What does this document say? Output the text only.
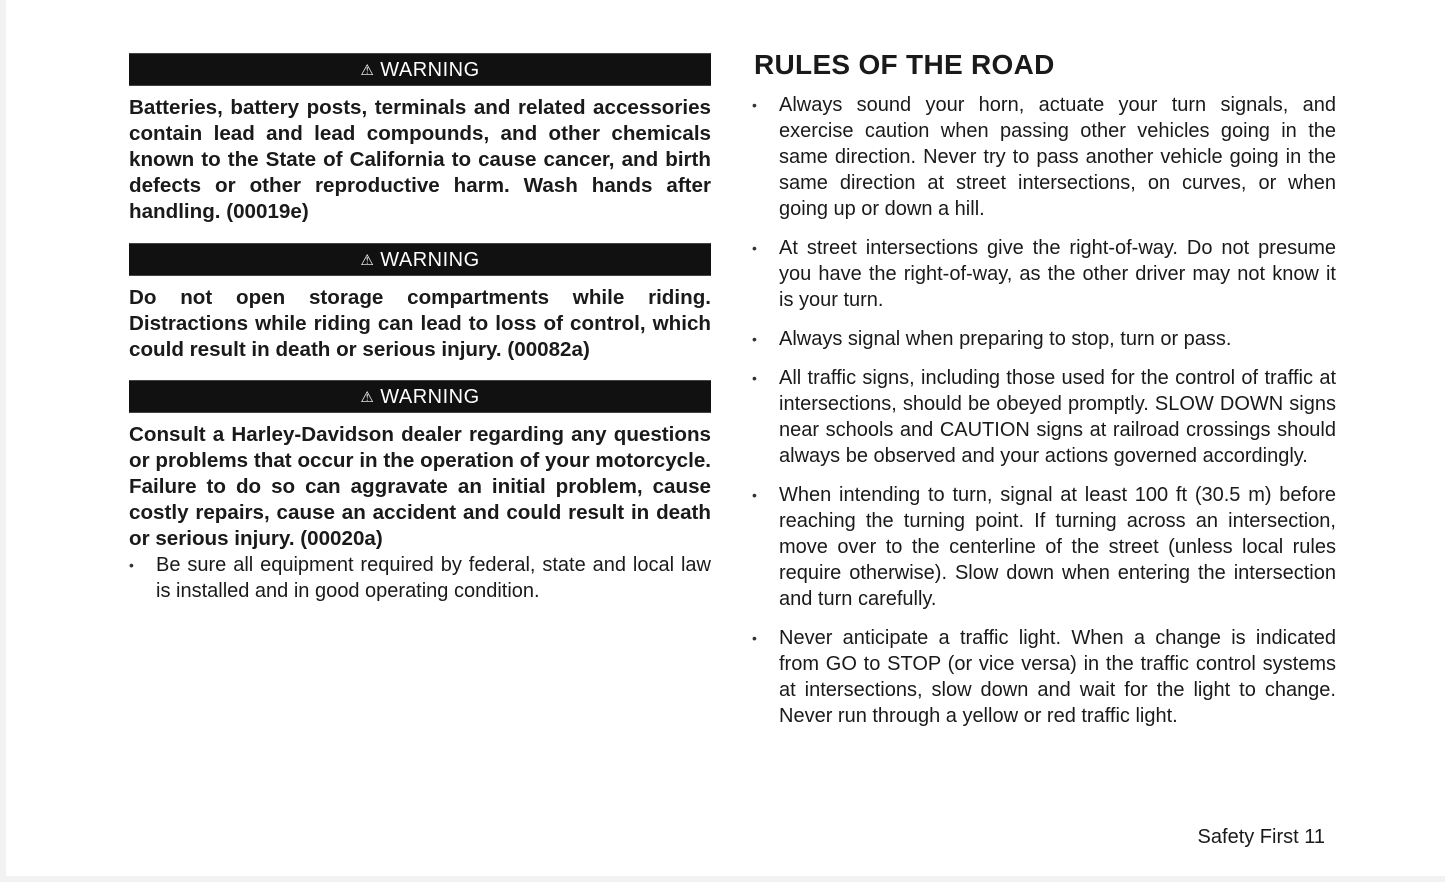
⚠ WARNING

Batteries, battery posts, terminals and related accessories contain lead and lead compounds, and other chemicals known to the State of California to cause cancer, and birth defects or other reproductive harm. Wash hands after handling. (00019e)

⚠ WARNING

Do not open storage compartments while riding. Distractions while riding can lead to loss of control, which could result in death or serious injury. (00082a)

⚠ WARNING

Consult a Harley-Davidson dealer regarding any questions or problems that occur in the operation of your motorcycle. Failure to do so can aggravate an initial problem, cause costly repairs, cause an accident and could result in death or serious injury. (00020a)

• Be sure all equipment required by federal, state and local law is installed and in good operating condition.
RULES OF THE ROAD
• Always sound your horn, actuate your turn signals, and exercise caution when passing other vehicles going in the same direction. Never try to pass another vehicle going in the same direction at street intersections, on curves, or when going up or down a hill.
• At street intersections give the right-of-way. Do not presume you have the right-of-way, as the other driver may not know it is your turn.
• Always signal when preparing to stop, turn or pass.
• All traffic signs, including those used for the control of traffic at intersections, should be obeyed promptly. SLOW DOWN signs near schools and CAUTION signs at railroad crossings should always be observed and your actions governed accordingly.
• When intending to turn, signal at least 100 ft (30.5 m) before reaching the turning point. If turning across an intersection, move over to the centerline of the street (unless local rules require otherwise). Slow down when entering the intersection and turn carefully.
• Never anticipate a traffic light. When a change is indicated from GO to STOP (or vice versa) in the traffic control systems at intersections, slow down and wait for the light to change. Never run through a yellow or red traffic light.
Safety First 11
